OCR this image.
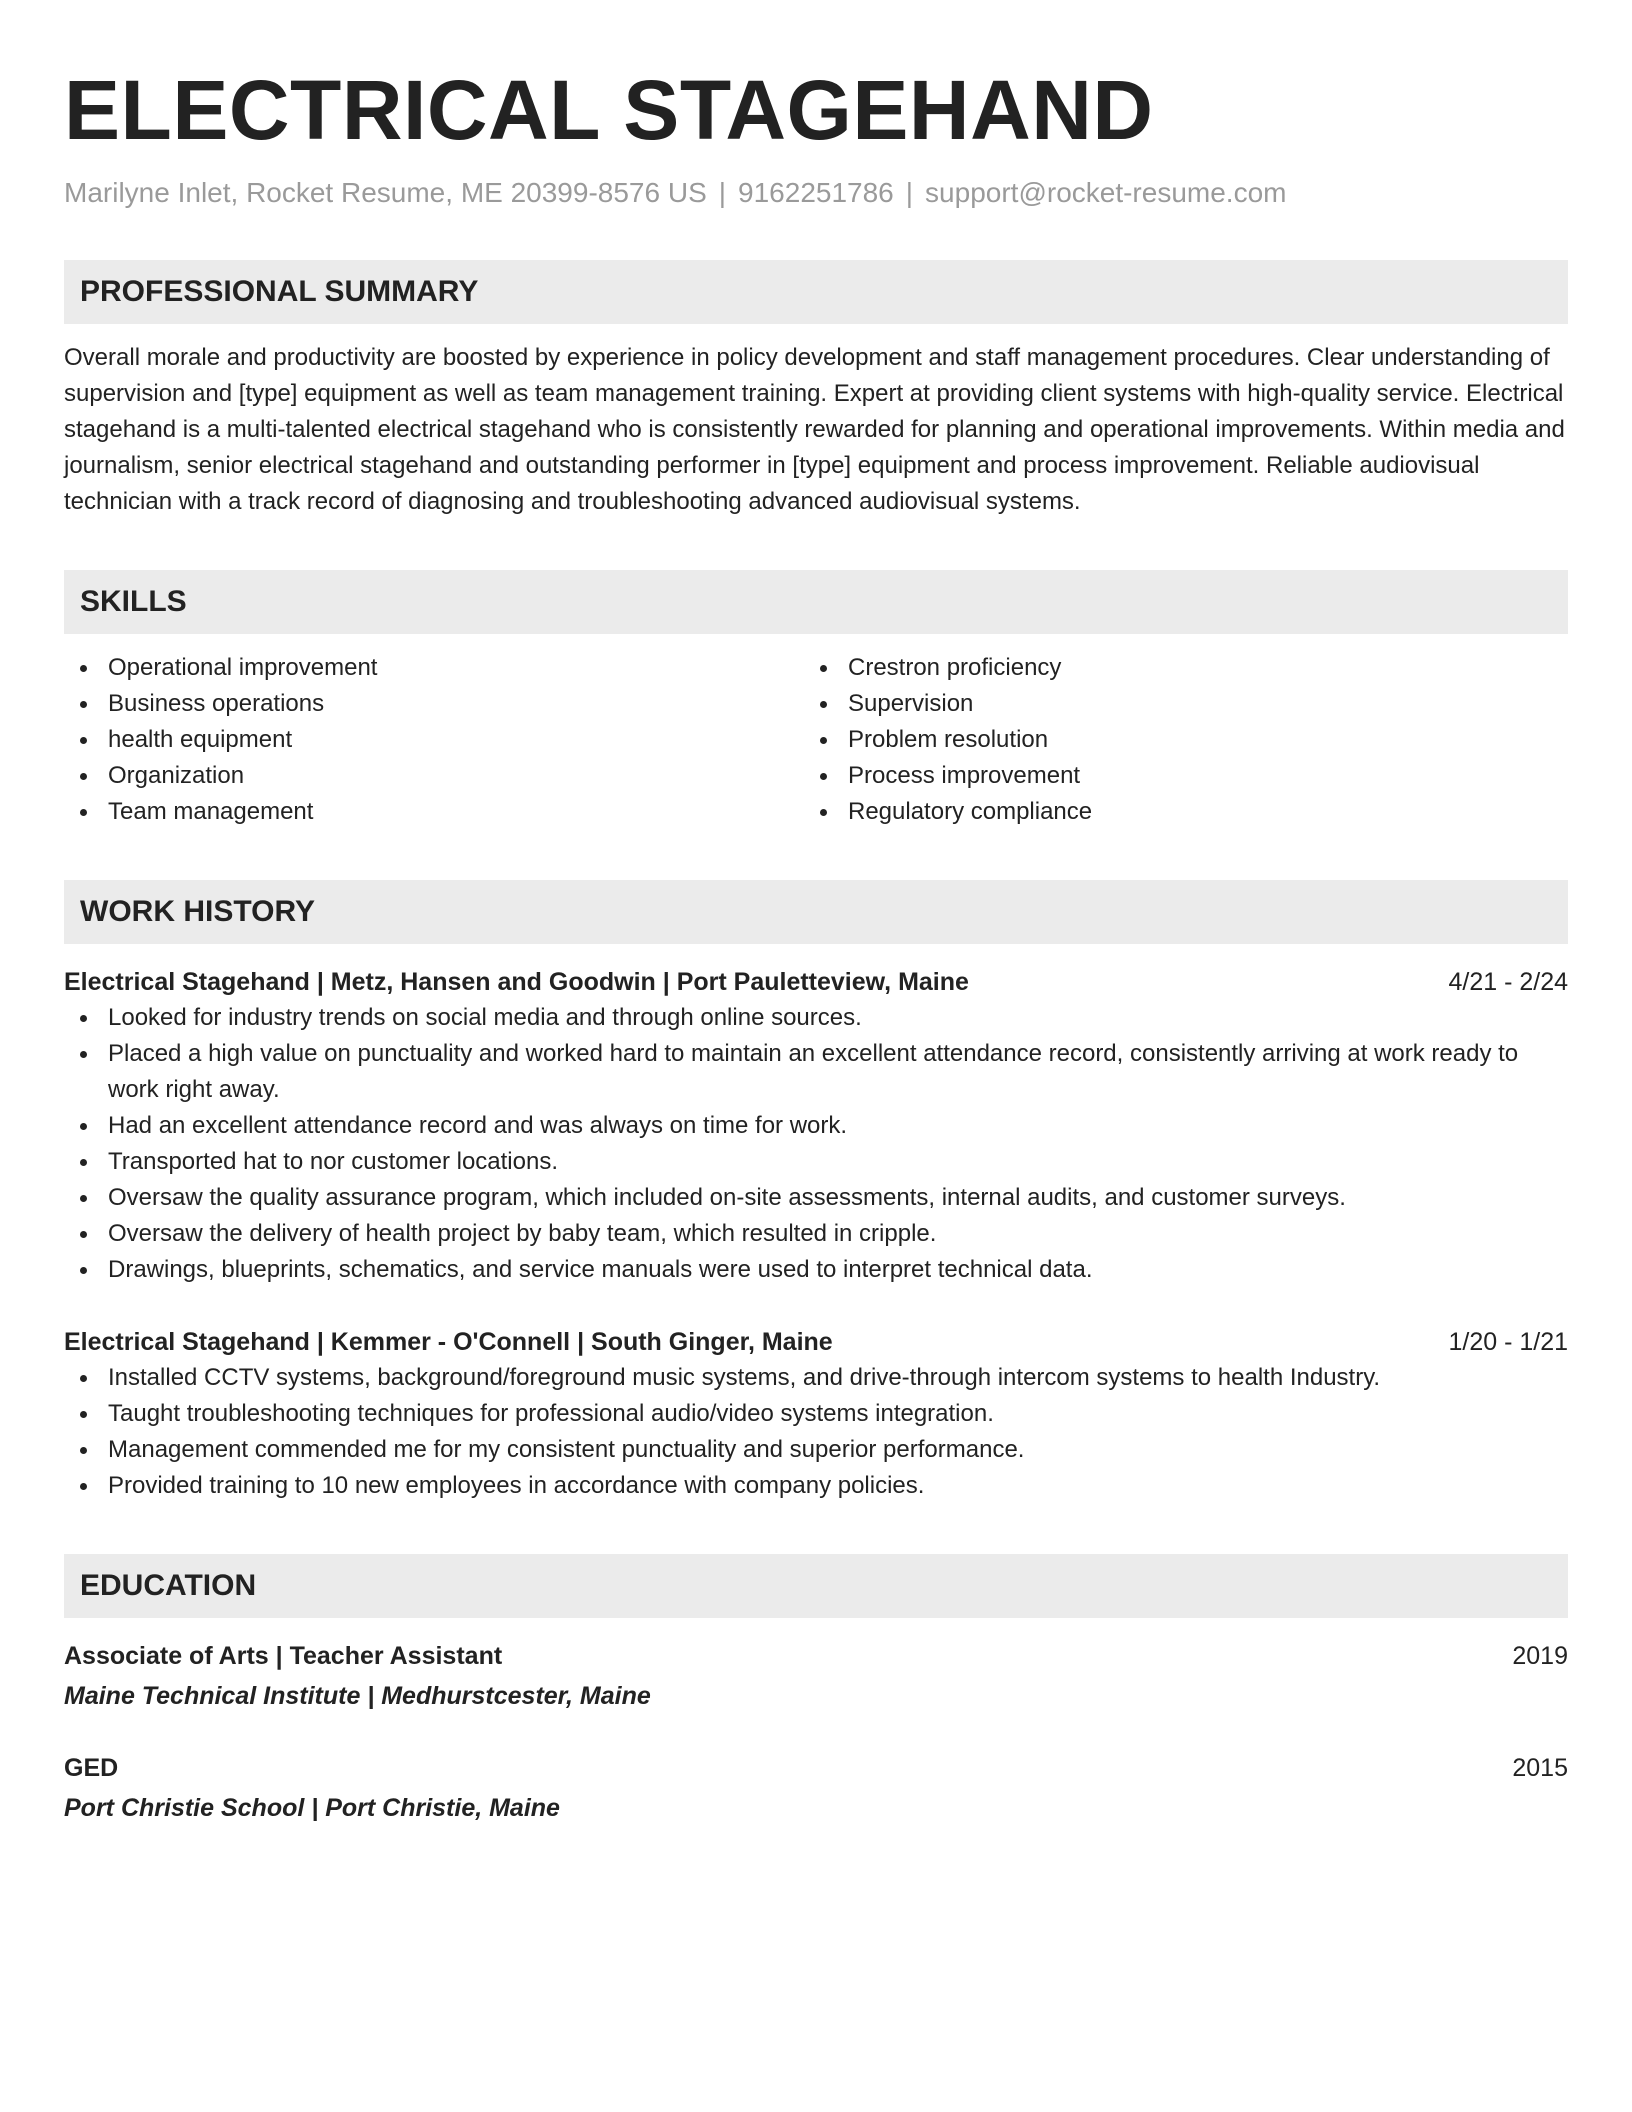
ELECTRICAL STAGEHAND
Marilyne Inlet, Rocket Resume, ME 20399-8576 US | 9162251786 | support@rocket-resume.com
PROFESSIONAL SUMMARY
Overall morale and productivity are boosted by experience in policy development and staff management procedures. Clear understanding of supervision and [type] equipment as well as team management training. Expert at providing client systems with high-quality service. Electrical stagehand is a multi-talented electrical stagehand who is consistently rewarded for planning and operational improvements. Within media and journalism, senior electrical stagehand and outstanding performer in [type] equipment and process improvement. Reliable audiovisual technician with a track record of diagnosing and troubleshooting advanced audiovisual systems.
SKILLS
Operational improvement
Business operations
health equipment
Organization
Team management
Crestron proficiency
Supervision
Problem resolution
Process improvement
Regulatory compliance
WORK HISTORY
Electrical Stagehand | Metz, Hansen and Goodwin | Port Pauletteview, Maine	4/21 - 2/24
Looked for industry trends on social media and through online sources.
Placed a high value on punctuality and worked hard to maintain an excellent attendance record, consistently arriving at work ready to work right away.
Had an excellent attendance record and was always on time for work.
Transported hat to nor customer locations.
Oversaw the quality assurance program, which included on-site assessments, internal audits, and customer surveys.
Oversaw the delivery of health project by baby team, which resulted in cripple.
Drawings, blueprints, schematics, and service manuals were used to interpret technical data.
Electrical Stagehand | Kemmer - O'Connell | South Ginger, Maine	1/20 - 1/21
Installed CCTV systems, background/foreground music systems, and drive-through intercom systems to health Industry.
Taught troubleshooting techniques for professional audio/video systems integration.
Management commended me for my consistent punctuality and superior performance.
Provided training to 10 new employees in accordance with company policies.
EDUCATION
Associate of Arts | Teacher Assistant	2019
Maine Technical Institute | Medhurstcester, Maine
GED	2015
Port Christie School | Port Christie, Maine
